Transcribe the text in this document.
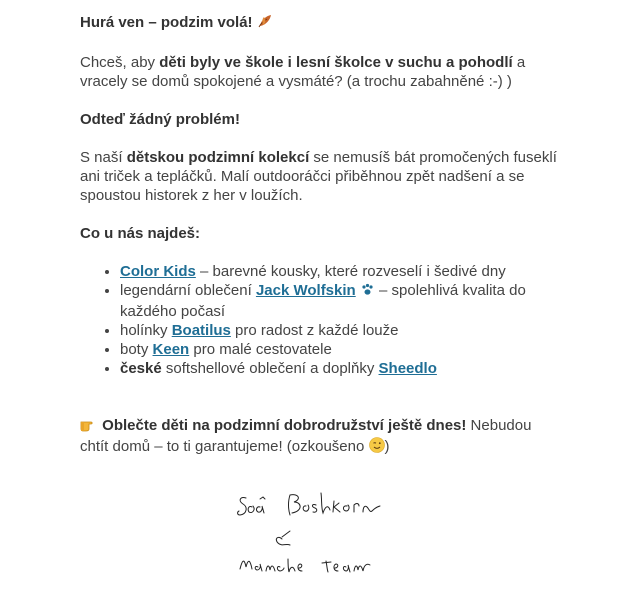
Hurá ven – podzim volá!

Chceš, aby děti byly ve škole i lesní školce v suchu a pohodlí a vracely se domů spokojené a vysmáté? (a trochu zabahněné :-) )

Odteď žádný problém!

S naší dětskou podzimní kolekcí se nemusíš bát promočených fusеklí ani triček a tepláčků. Malí outdooráčci přiběhnou zpět nadšení a se spoustou historek z her v loužích.

Co u nás najdeš:

• Color Kids – barevné kousky, které rozveselí i šedivé dny
• legendární oblečení Jack Wolfskin  – spolehlivá kvalita do každého počasí
• holínky Boatilus pro radost z každé louže
• boty Keen pro malé cestovatele
• české softshellové oblečení a doplňky Sheedlo

Oblečte děti na podzimní dobrodružství ještě dnes! Nebudou chtít domů – to ti garantujeme! (ozkoušeno )
